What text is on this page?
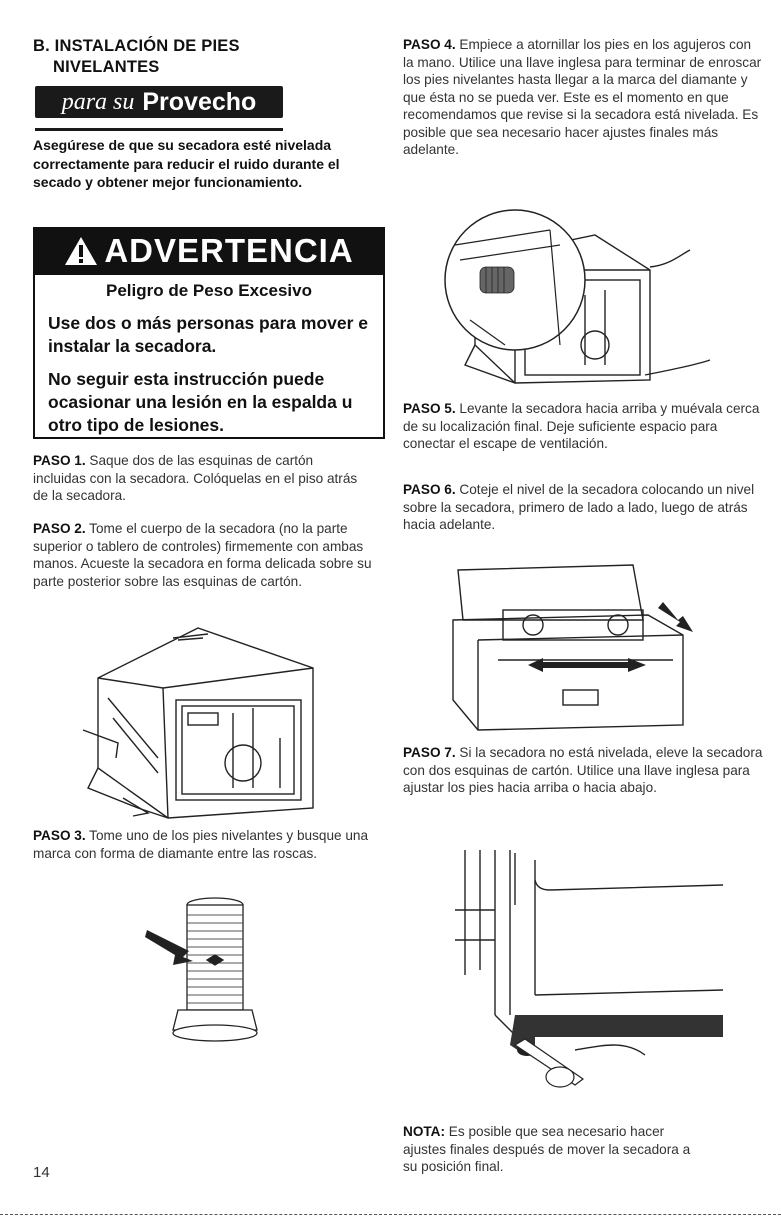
B. INSTALACIÓN DE PIES
NIVELANTES
para su Provecho
Asegúrese de que su secadora esté nivelada correctamente para reducir el ruido durante el secado y obtener mejor funcionamiento.
ADVERTENCIA
Peligro de Peso Excesivo
Use dos o más personas para mover e instalar la secadora.
No seguir esta instrucción puede ocasionar una lesión en la espalda u otro tipo de lesiones.
PASO 1. Saque dos de las esquinas de cartón incluidas con la secadora. Colóquelas en el piso atrás de la secadora.
PASO 2. Tome el cuerpo de la secadora (no la parte superior o tablero de controles) firmemente con ambas manos. Acueste la secadora en forma delicada sobre su parte posterior sobre las esquinas de cartón.
PASO 3. Tome uno de los pies nivelantes y busque una marca con forma de diamante entre las roscas.
PASO 4. Empiece a atornillar los pies en los agujeros con la mano. Utilice una llave inglesa para terminar de enroscar los pies nivelantes hasta llegar a la marca del diamante y que ésta no se pueda ver. Este es el momento en que recomendamos que revise si la secadora está nivelada. Es posible que sea necesario hacer ajustes finales más adelante.
PASO 5. Levante la secadora hacia arriba y muévala cerca de su localización final. Deje suficiente espacio para conectar el escape de ventilación.
PASO 6. Coteje el nivel de la secadora colocando un nivel sobre la secadora, primero de lado a lado, luego de atrás hacia adelante.
PASO 7. Si la secadora no está nivelada, eleve la secadora con dos esquinas de cartón. Utilice una llave inglesa para ajustar los pies hacia arriba o hacia abajo.
NOTA: Es posible que sea necesario hacer ajustes finales después de mover la secadora a su posición final.
14
